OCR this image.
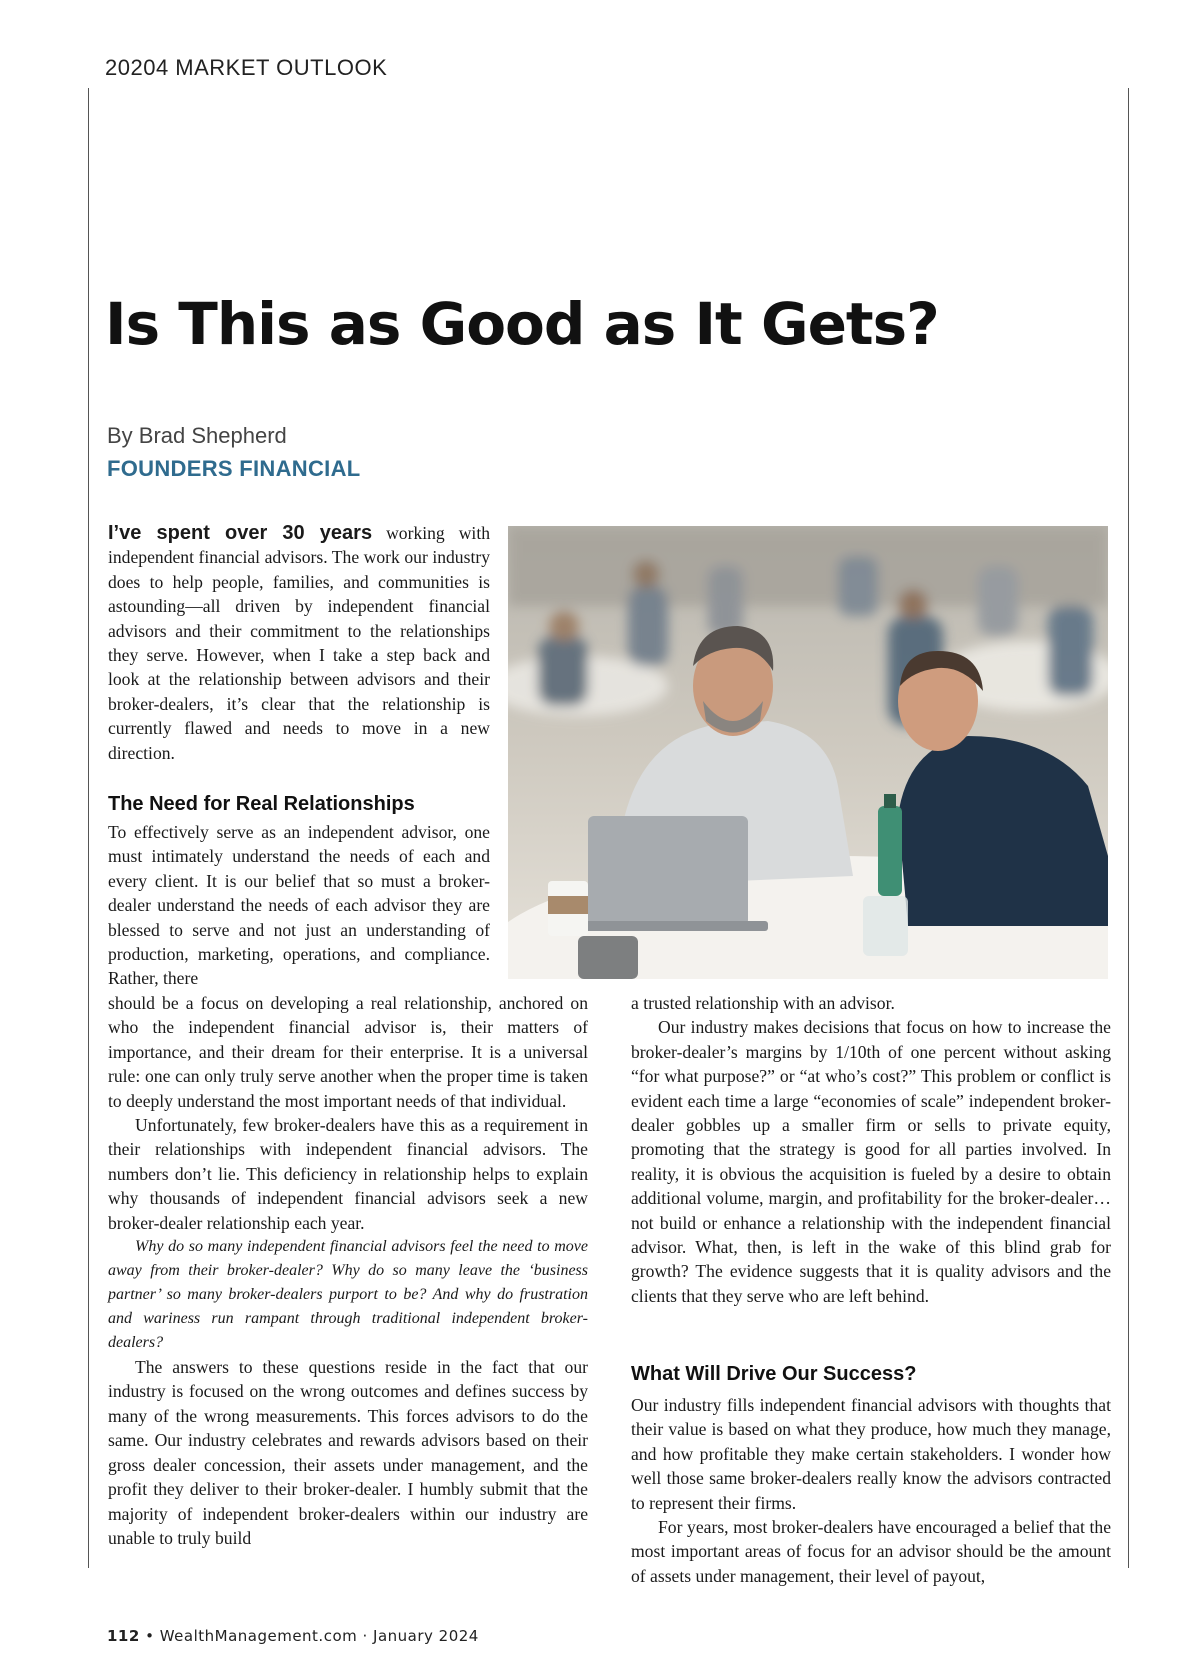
20204 MARKET OUTLOOK
Is This as Good as It Gets?
By Brad Shepherd
FOUNDERS FINANCIAL

I’ve spent over 30 years working with independent financial advisors. The work our industry does to help people, families, and communities is astounding—all driven by independent financial advisors and their commitment to the relationships they serve. However, when I take a step back and look at the relationship between advisors and their broker-dealers, it’s clear that the relationship is currently flawed and needs to move in a new direction.

The Need for Real Relationships

To effectively serve as an independent advisor, one must intimately understand the needs of each and every client. It is our belief that so must a broker-dealer understand the needs of each advisor they are blessed to serve and not just an understanding of production, marketing, operations, and compliance. Rather, there

should be a focus on developing a real relationship, anchored on who the independent financial advisor is, their matters of importance, and their dream for their enterprise. It is a universal rule: one can only truly serve another when the proper time is taken to deeply understand the most important needs of that individual.

Unfortunately, few broker-dealers have this as a requirement in their relationships with independent financial advisors. The numbers don’t lie. This deficiency in relationship helps to explain why thousands of independent financial advisors seek a new broker-dealer relationship each year.

Why do so many independent financial advisors feel the need to move away from their broker-dealer? Why do so many leave the ‘business partner’ so many broker-dealers purport to be? And why do frustration and wariness run rampant through traditional independent broker-dealers?

The answers to these questions reside in the fact that our industry is focused on the wrong outcomes and defines success by many of the wrong measurements. This forces advisors to do the same. Our industry celebrates and rewards advisors based on their gross dealer concession, their assets under management, and the profit they deliver to their broker-dealer. I humbly submit that the majority of independent broker-dealers within our industry are unable to truly build

a trusted relationship with an advisor.

Our industry makes decisions that focus on how to increase the broker-dealer’s margins by 1/10th of one percent without asking “for what purpose?” or “at who’s cost?” This problem or conflict is evident each time a large “economies of scale” independent broker-dealer gobbles up a smaller firm or sells to private equity, promoting that the strategy is good for all parties involved. In reality, it is obvious the acquisition is fueled by a desire to obtain additional volume, margin, and profitability for the broker-dealer…not build or enhance a relationship with the independent financial advisor. What, then, is left in the wake of this blind grab for growth? The evidence suggests that it is quality advisors and the clients that they serve who are left behind.

What Will Drive Our Success?

Our industry fills independent financial advisors with thoughts that their value is based on what they produce, how much they manage, and how profitable they make certain stakeholders. I wonder how well those same broker-dealers really know the advisors contracted to represent their firms.

For years, most broker-dealers have encouraged a belief that the most important areas of focus for an advisor should be the amount of assets under management, their level of payout,

112 • WealthManagement.com · January 2024
